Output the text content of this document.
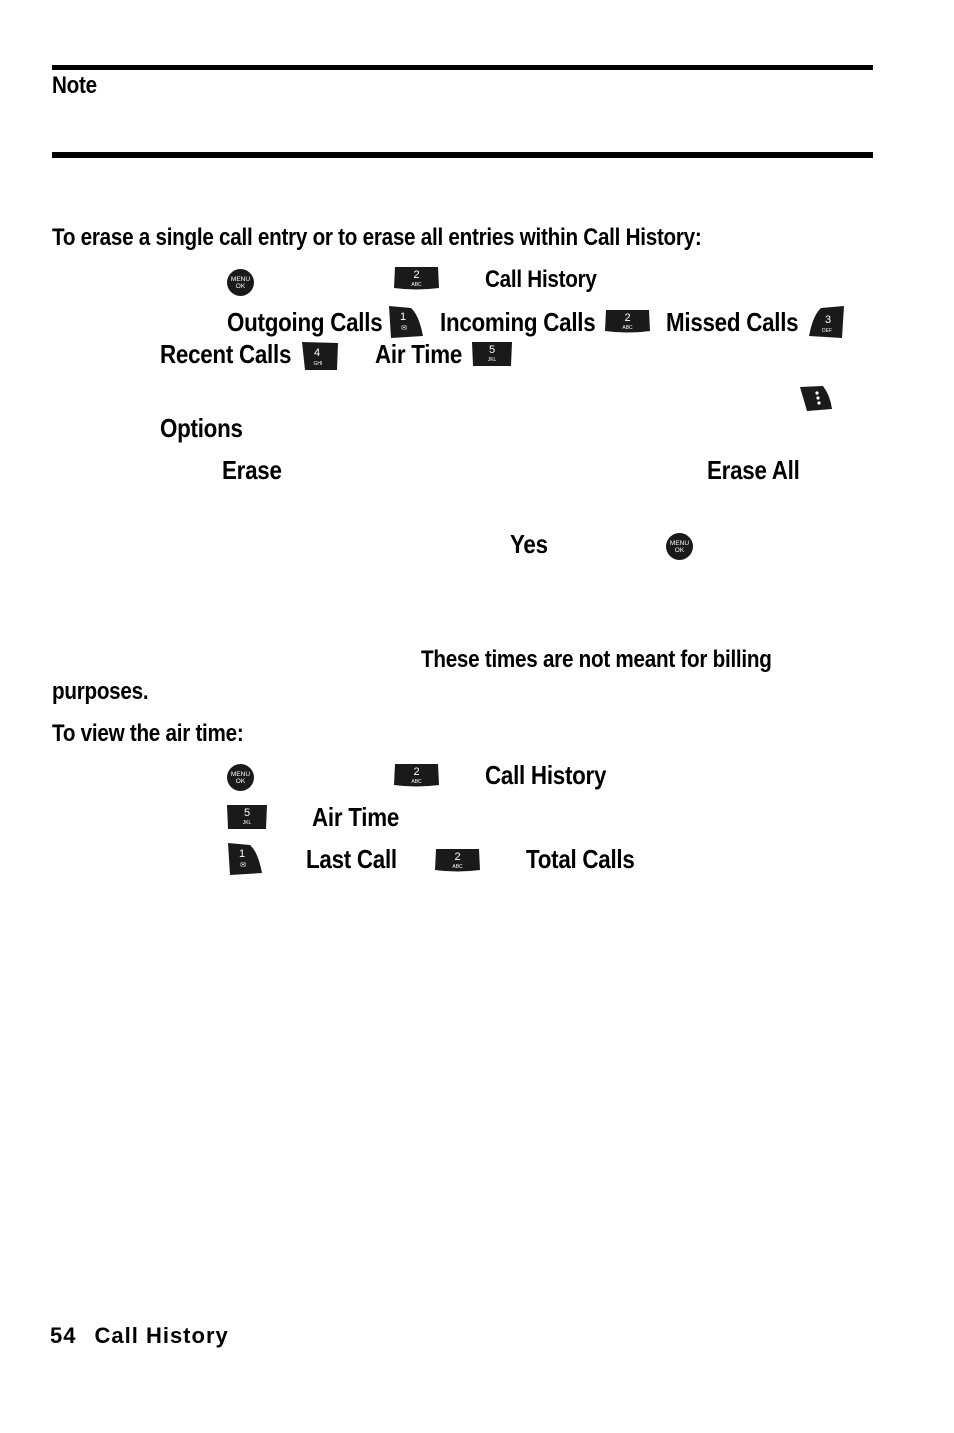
Note
To erase a single call entry or to erase all entries within Call History:
MENU
OK
2
ABC	Call History
Outgoing Calls 1
✉ Incoming Calls	2
ABC Missed Calls 3
DEF
Recent Calls 4
GHI Air Time 5
JKL
Options
Erase	Erase All
Yes	MENU
OK
These times are not meant for billing
purposes.
To view the air time:
MENU
OK
2
ABC Call History
5
JKL Air Time
1
✉ Last Call	2
ABC Total Calls
54 Call History
